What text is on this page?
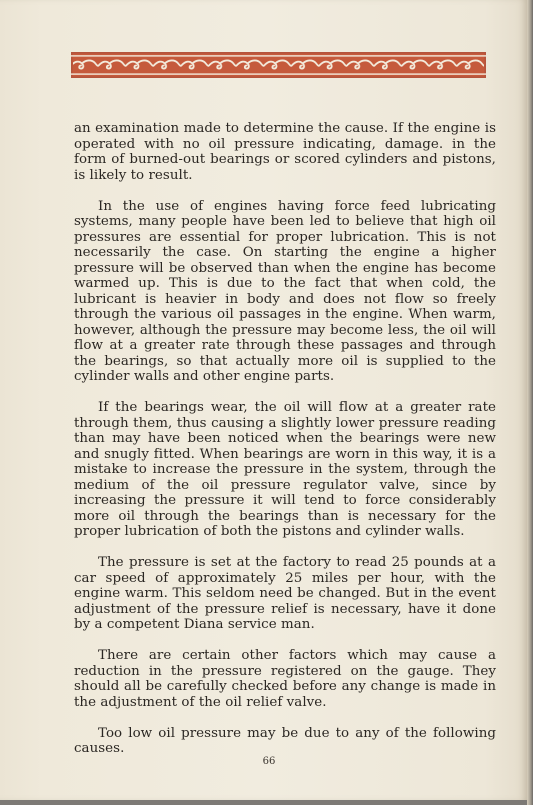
an examination made to determine the cause. If the engine is operated with no oil pressure indicating, damage. in the form of burned-out bearings or scored cylinders and pistons, is likely to result.

In the use of engines having force feed lubricating systems, many people have been led to believe that high oil pressures are essential for proper lubrication. This is not necessarily the case. On starting the engine a higher pressure will be observed than when the engine has become warmed up. This is due to the fact that when cold, the lubricant is heavier in body and does not flow so freely through the various oil passages in the engine. When warm, however, although the pressure may become less, the oil will flow at a greater rate through these passages and through the bearings, so that actually more oil is supplied to the cylinder walls and other engine parts.

If the bearings wear, the oil will flow at a greater rate through them, thus causing a slightly lower pressure reading than may have been noticed when the bearings were new and snugly fitted. When bearings are worn in this way, it is a mistake to increase the pressure in the system, through the medium of the oil pressure regulator valve, since by increasing the pressure it will tend to force considerably more oil through the bearings than is necessary for the proper lubrication of both the pistons and cylinder walls.

The pressure is set at the factory to read 25 pounds at a car speed of approximately 25 miles per hour, with the engine warm. This seldom need be changed. But in the event adjustment of the pressure relief is necessary, have it done by a competent Diana service man.

There are certain other factors which may cause a reduction in the pressure registered on the gauge. They should all be carefully checked before any change is made in the adjustment of the oil relief valve.

Too low oil pressure may be due to any of the following causes.

66
